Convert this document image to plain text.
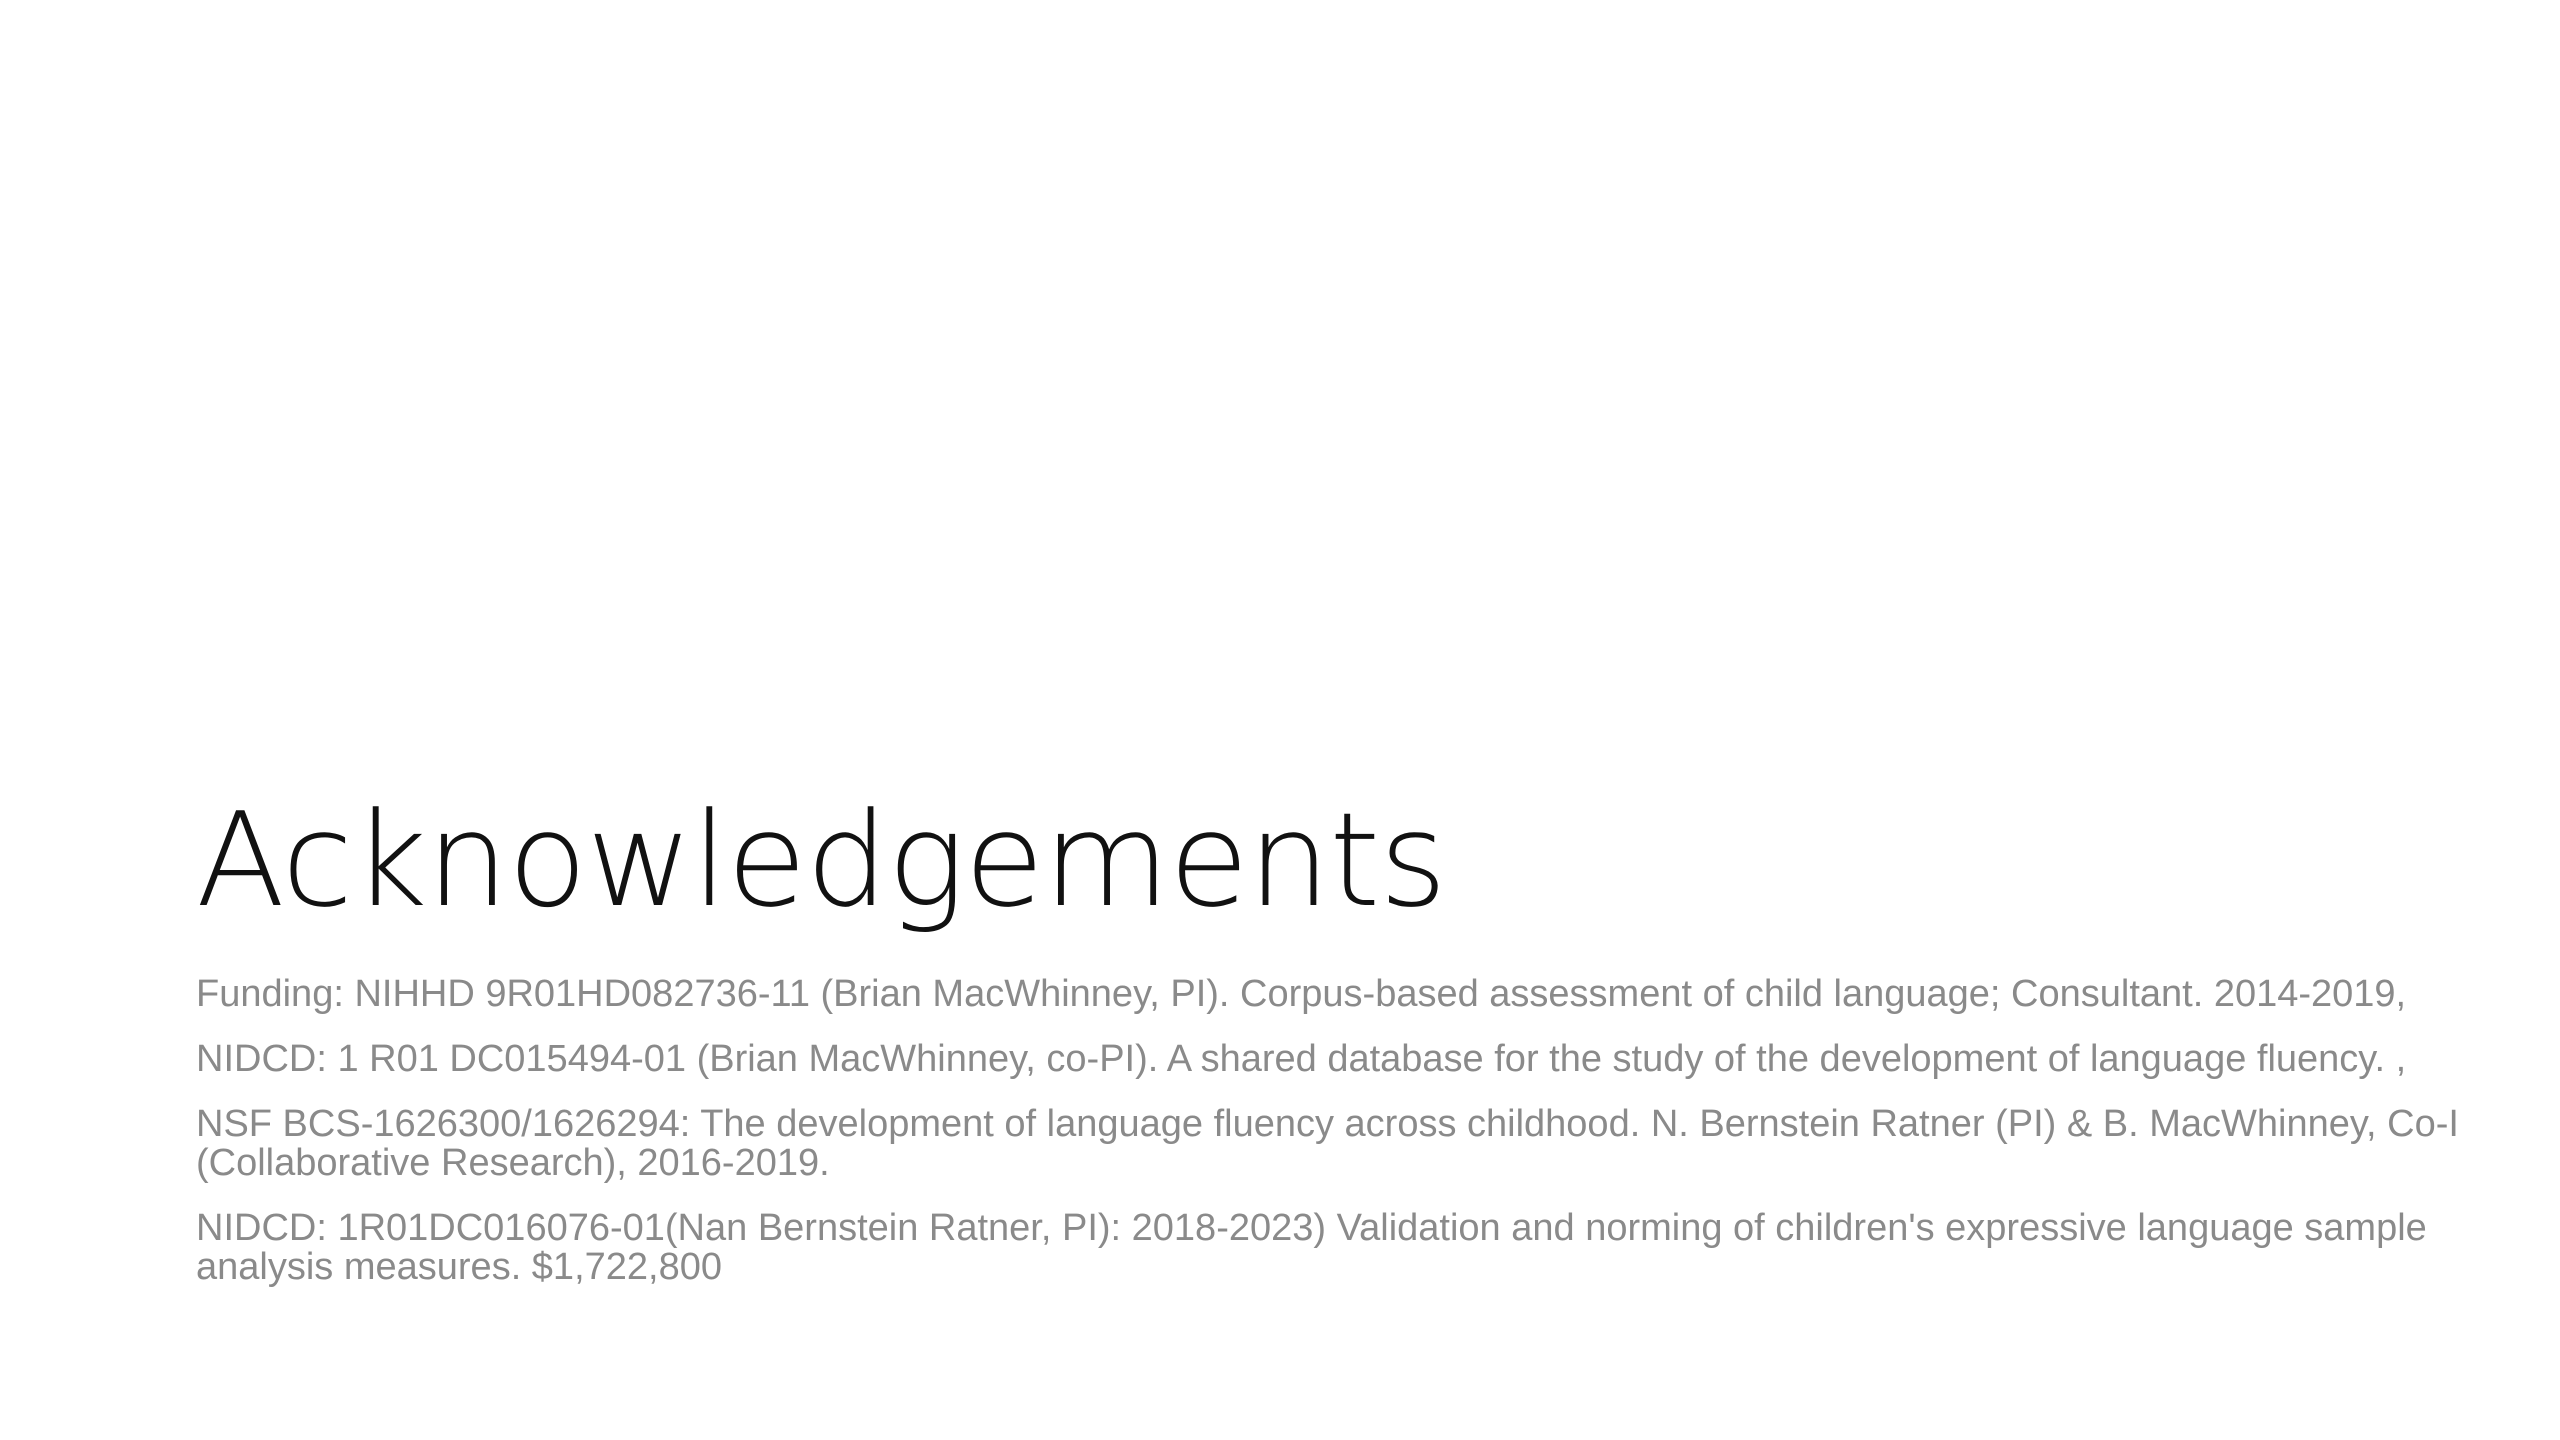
Acknowledgements
Funding: NIHHD 9R01HD082736-11 (Brian MacWhinney, PI). Corpus-based assessment of child language; Consultant. 2014-2019,
NIDCD: 1 R01 DC015494-01 (Brian MacWhinney, co-PI). A shared database for the study of the development of language fluency. ,
NSF BCS-1626300/1626294: The development of language fluency across childhood. N. Bernstein Ratner (PI) & B. MacWhinney, Co-I (Collaborative Research), 2016-2019.
NIDCD: 1R01DC016076-01(Nan Bernstein Ratner, PI): 2018-2023) Validation and norming of children's expressive language sample analysis measures. $1,722,800
